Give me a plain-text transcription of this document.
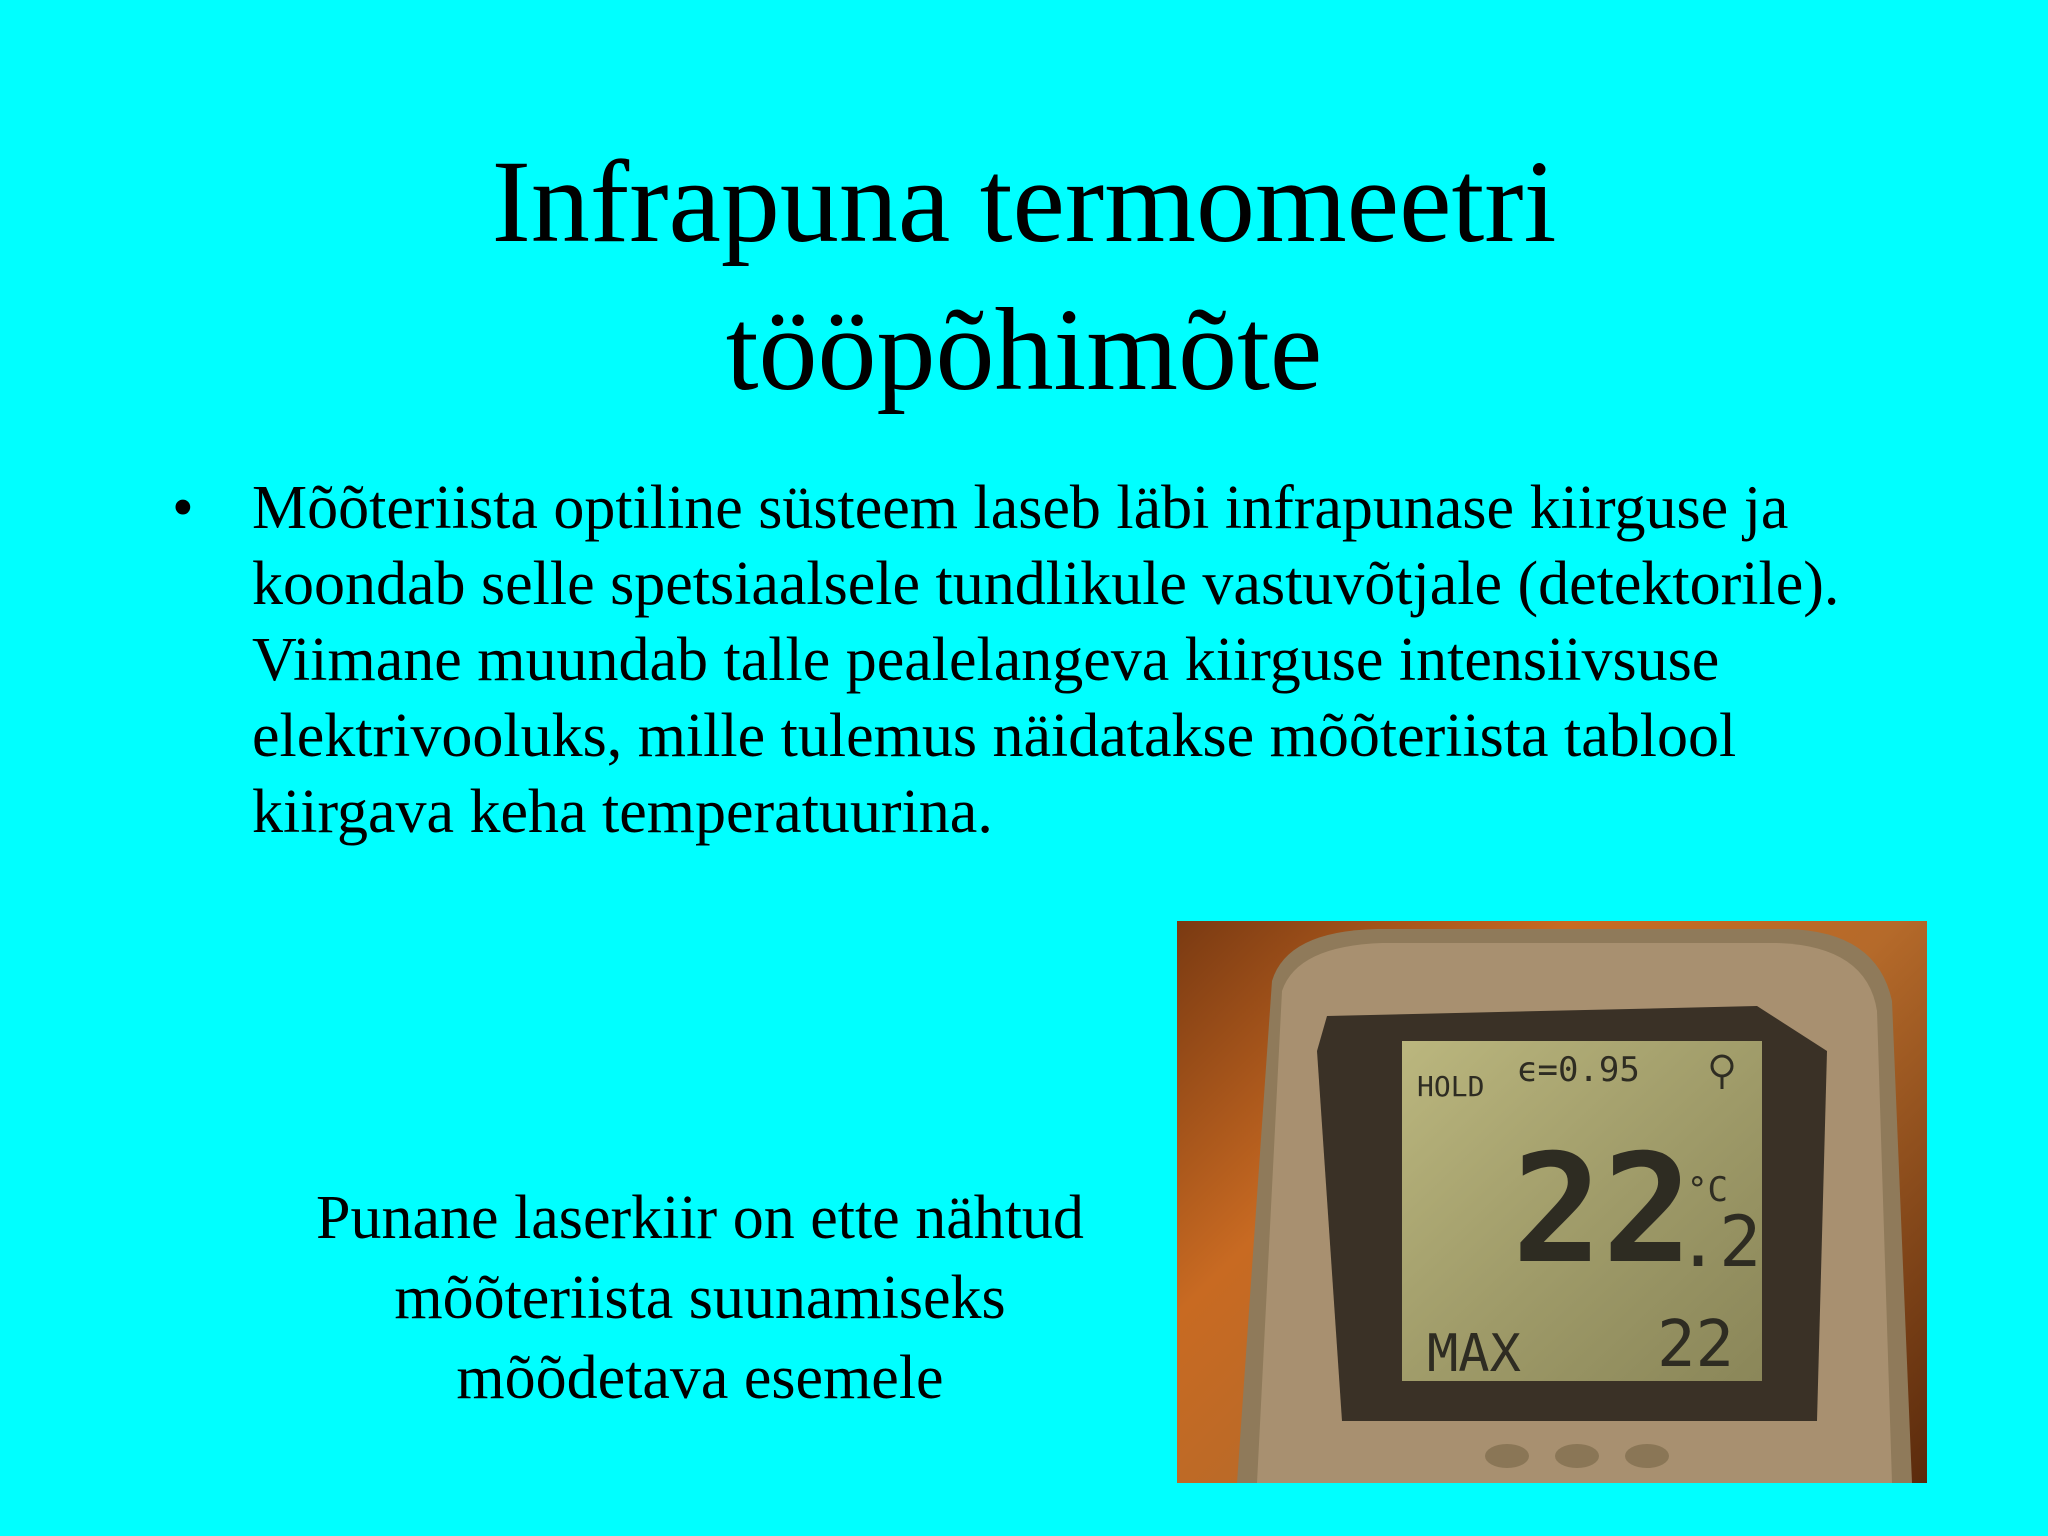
Infrapuna termomeetri
tööpõhimõte
• Mõõteriista optiline süsteem laseb läbi infrapunase kiirguse ja koondab selle spetsiaalsele tundlikule vastuvõtjale (detektorile). Viimane muundab talle pealelangeva kiirguse intensiivsuse elektrivooluks, mille tulemus näidatakse mõõteriista tablool kiirgava keha temperatuurina.
Punane laserkiir on ette nähtud
mõõteriista suunamiseks
mõõdetava esemele
HOLD ϵ=0.95
22
°C
.2
MAX 22
